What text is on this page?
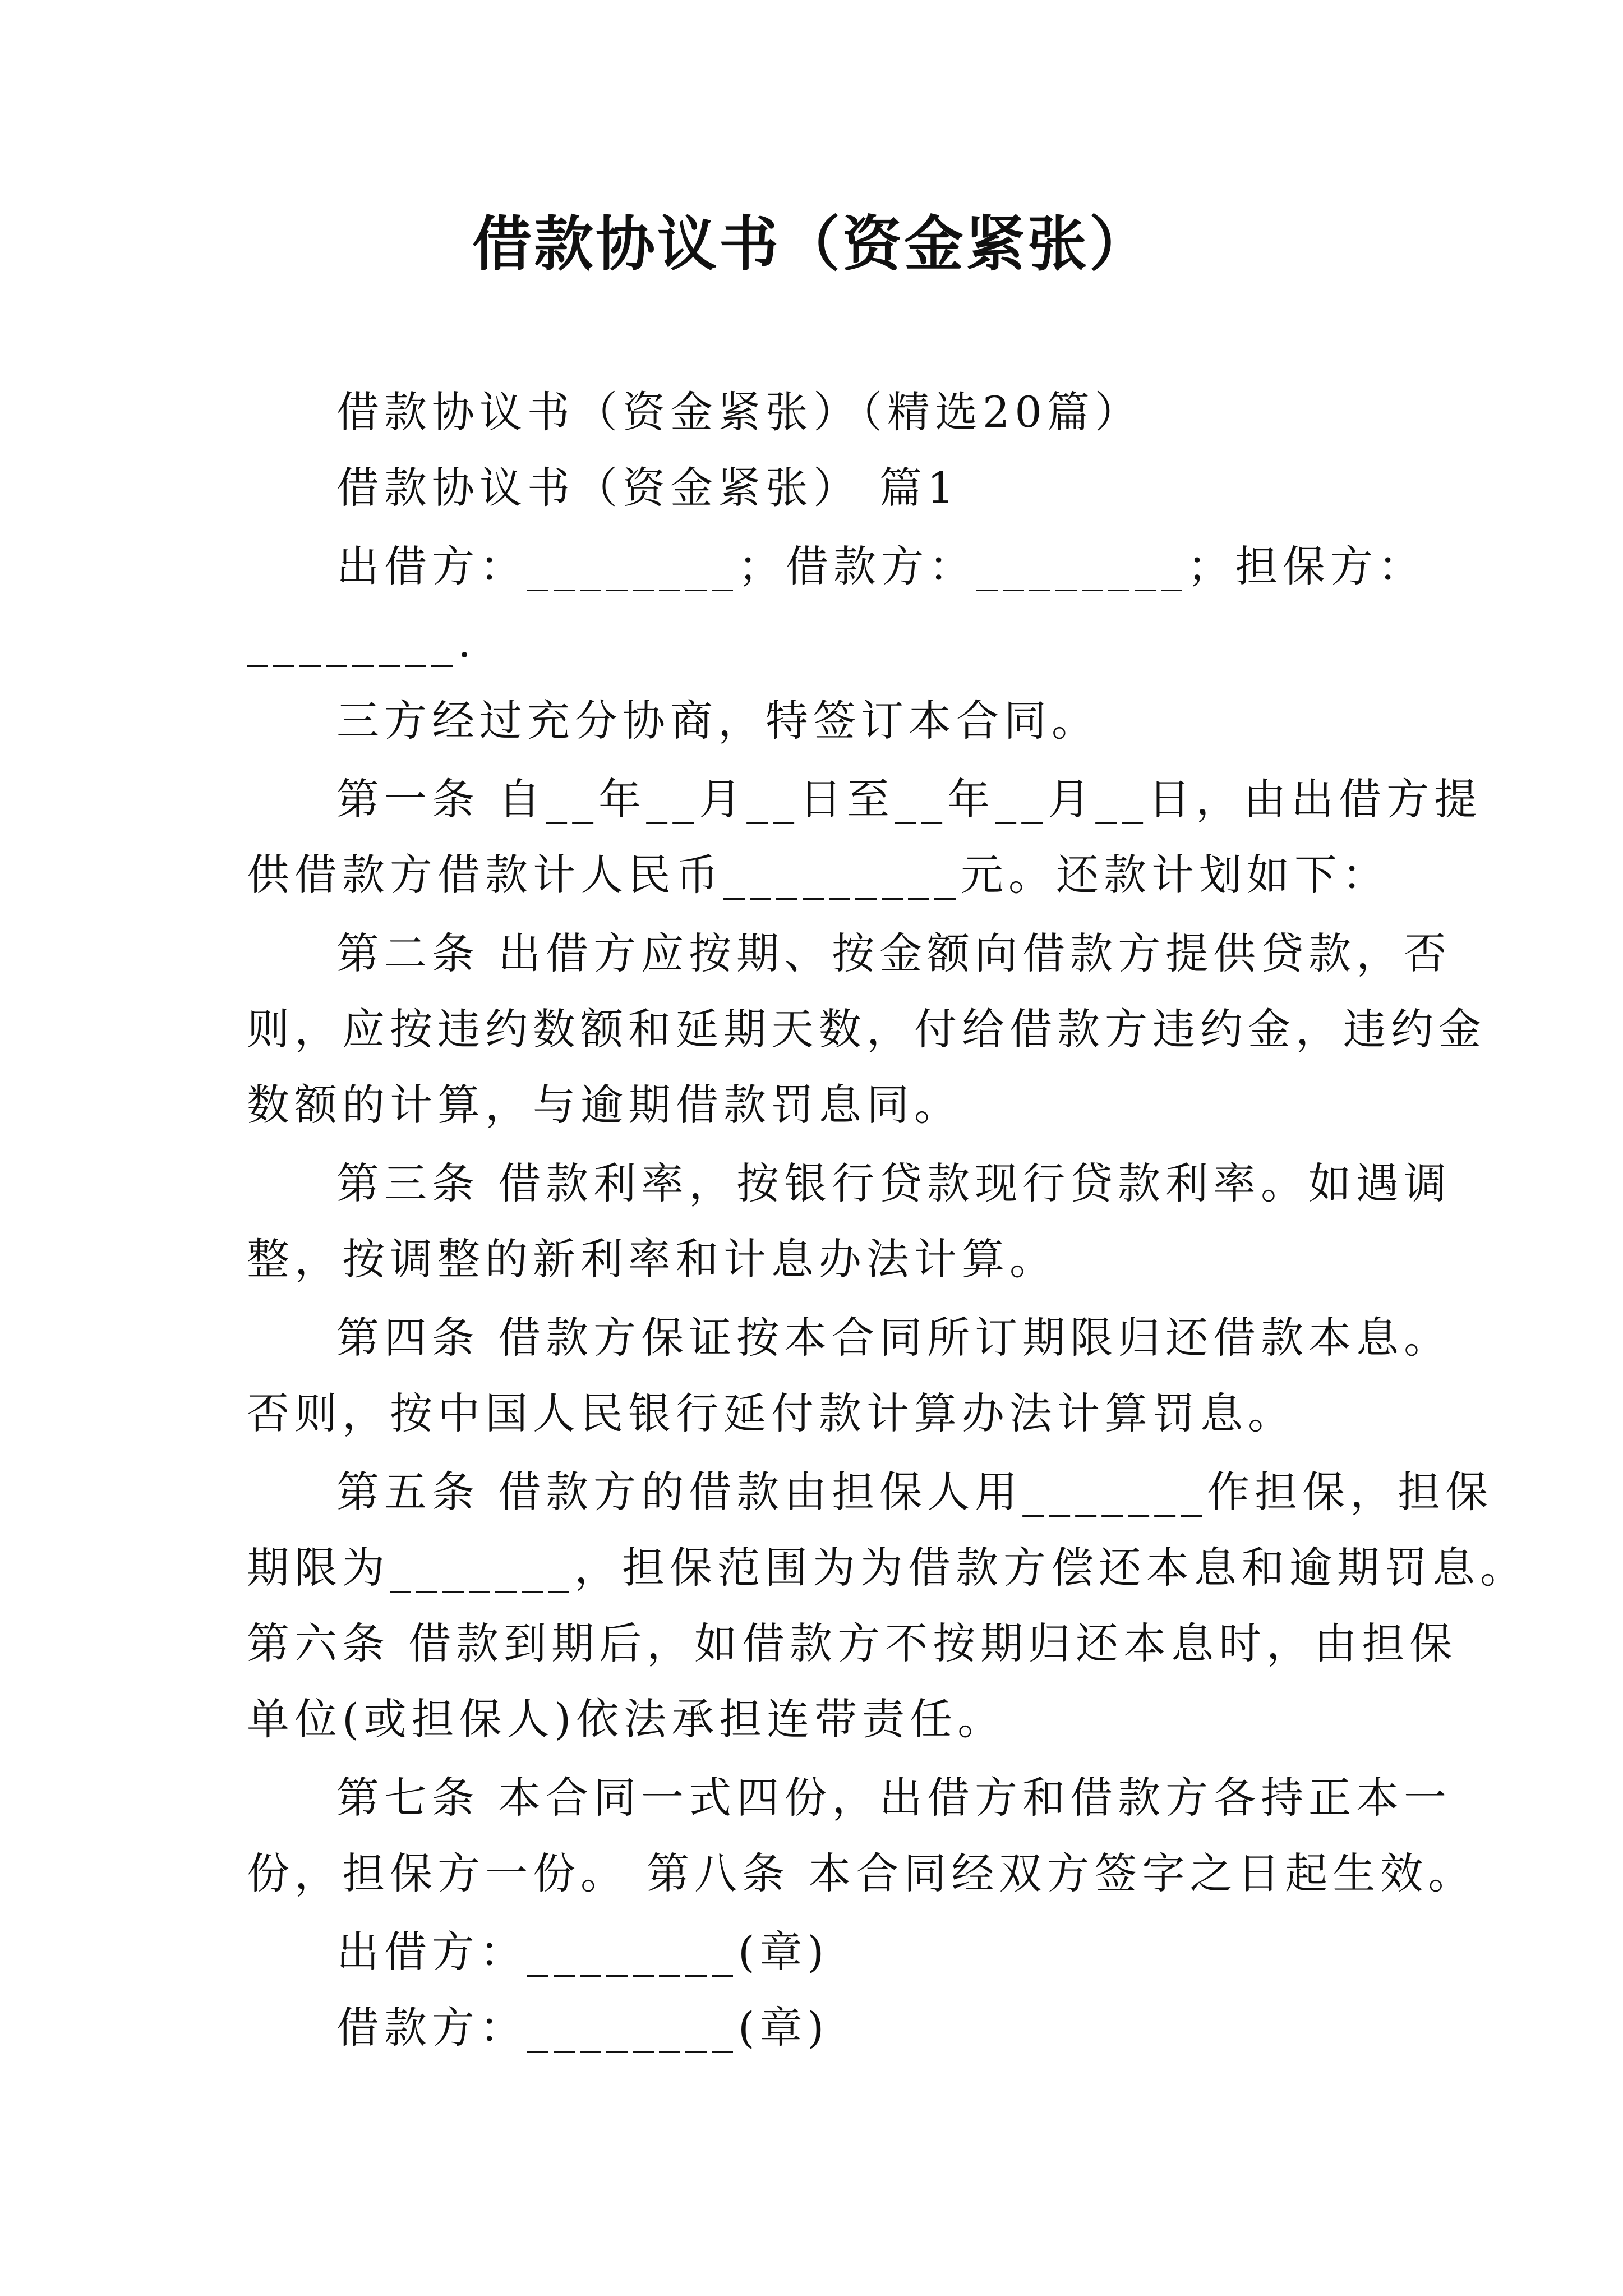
借款协议书（资金紧张）
借款协议书（资金紧张）（精选20篇）
借款协议书（资金紧张） 篇1
出借方：________；借款方：________；担保方：
________.
三方经过充分协商，特签订本合同。
第一条 自__年__月__日至__年__月__日，由出借方提
供借款方借款计人民币_________元。还款计划如下：
第二条 出借方应按期、按金额向借款方提供贷款，否
则，应按违约数额和延期天数，付给借款方违约金，违约金
数额的计算，与逾期借款罚息同。
第三条 借款利率，按银行贷款现行贷款利率。如遇调
整，按调整的新利率和计息办法计算。
第四条 借款方保证按本合同所订期限归还借款本息。
否则，按中国人民银行延付款计算办法计算罚息。
第五条 借款方的借款由担保人用_______作担保，担保
期限为_______，担保范围为为借款方偿还本息和逾期罚息。
第六条 借款到期后，如借款方不按期归还本息时，由担保
单位(或担保人)依法承担连带责任。
第七条 本合同一式四份，出借方和借款方各持正本一
份，担保方一份。 第八条 本合同经双方签字之日起生效。
出借方：________(章)
借款方：________(章)
